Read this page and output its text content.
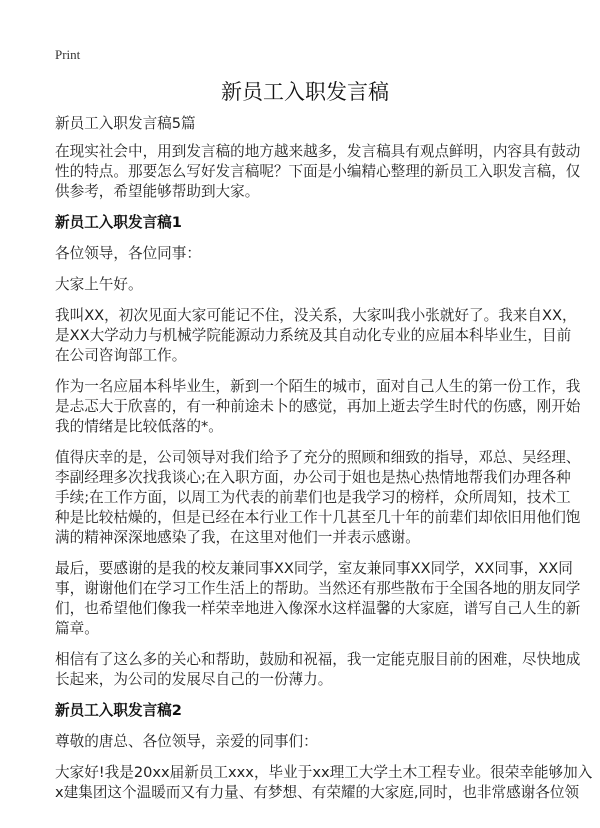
Print
新员工入职发言稿
新员工入职发言稿5篇
在现实社会中，用到发言稿的地方越来越多，发言稿具有观点鲜明，内容具有鼓动
性的特点。那要怎么写好发言稿呢？下面是小编精心整理的新员工入职发言稿，仅
供参考，希望能够帮助到大家。
新员工入职发言稿1
各位领导，各位同事：
大家上午好。
我叫XX，初次见面大家可能记不住，没关系，大家叫我小张就好了。我来自XX，
是XX大学动力与机械学院能源动力系统及其自动化专业的应届本科毕业生，目前
在公司咨询部工作。
作为一名应届本科毕业生，新到一个陌生的城市，面对自己人生的第一份工作，我
是忐忑大于欣喜的，有一种前途未卜的感觉，再加上逝去学生时代的伤感，刚开始
我的情绪是比较低落的*。
值得庆幸的是，公司领导对我们给予了充分的照顾和细致的指导，邓总、吴经理、
李副经理多次找我谈心;在入职方面，办公司于姐也是热心热情地帮我们办理各种
手续;在工作方面，以周工为代表的前辈们也是我学习的榜样，众所周知，技术工
种是比较枯燥的，但是已经在本行业工作十几甚至几十年的前辈们却依旧用他们饱
满的精神深深地感染了我，在这里对他们一并表示感谢。
最后，要感谢的是我的校友兼同事XX同学，室友兼同事XX同学，XX同事，XX同
事，谢谢他们在学习工作生活上的帮助。当然还有那些散布于全国各地的朋友同学
们，也希望他们像我一样荣幸地进入像深水这样温馨的大家庭，谱写自己人生的新
篇章。
相信有了这么多的关心和帮助，鼓励和祝福，我一定能克服目前的困难，尽快地成
长起来，为公司的发展尽自己的一份薄力。
新员工入职发言稿2
尊敬的唐总、各位领导，亲爱的同事们：
大家好!我是20xx届新员工xxx，毕业于xx理工大学土木工程专业。很荣幸能够加入
x建集团这个温暖而又有力量、有梦想、有荣耀的大家庭,同时，也非常感谢各位领
